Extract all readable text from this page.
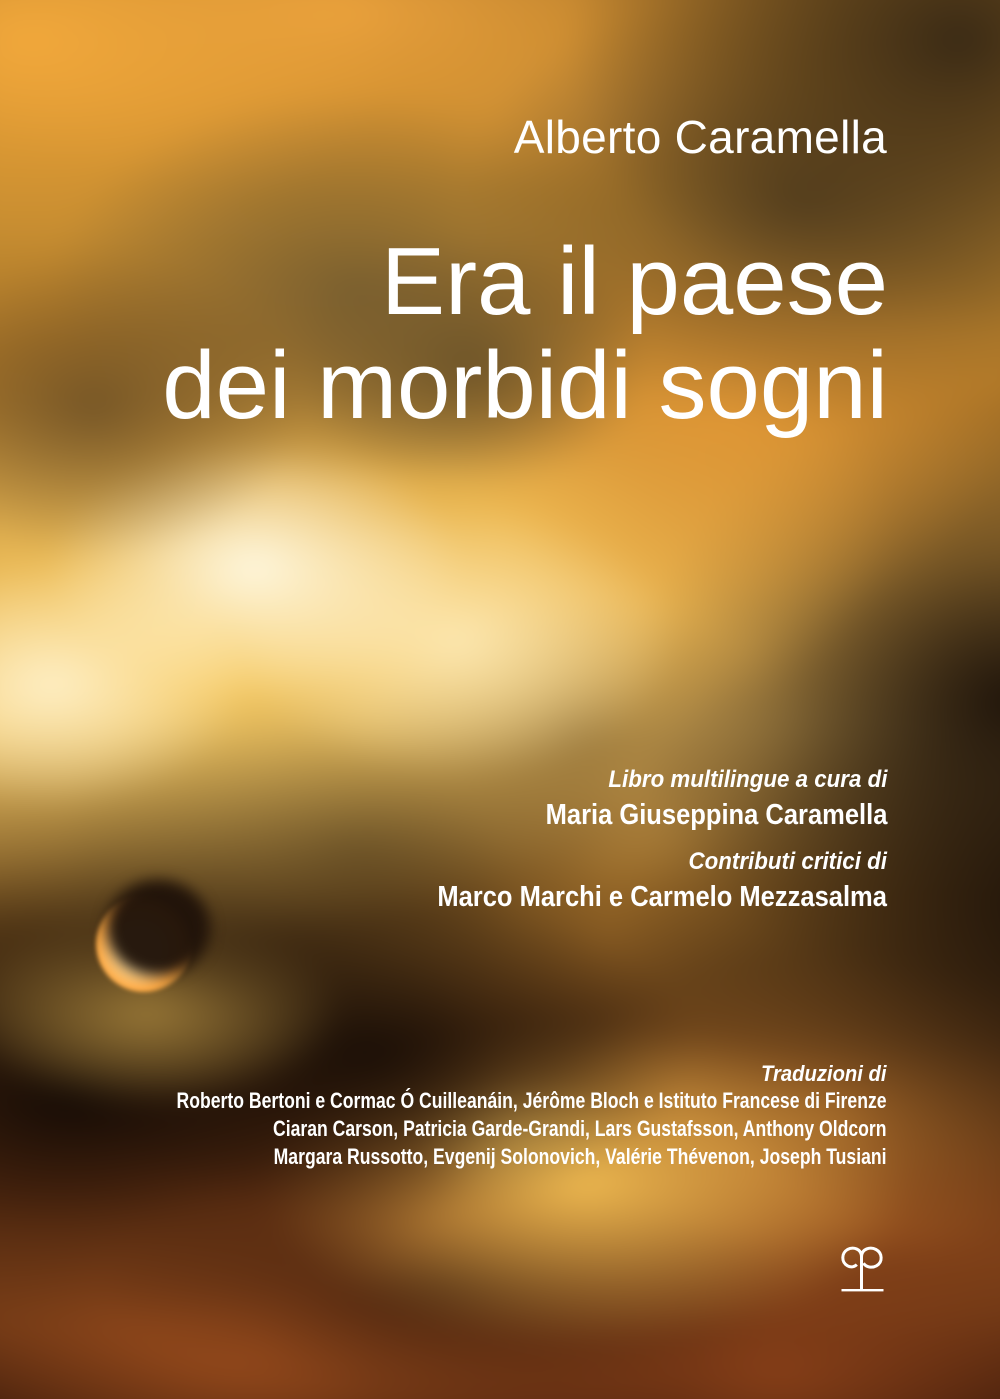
Alberto Caramella
Era il paese
dei morbidi sogni
Libro multilingue a cura di
Maria Giuseppina Caramella
Contributi critici di
Marco Marchi e Carmelo Mezzasalma
Traduzioni di
Roberto Bertoni e Cormac Ó Cuilleanáin, Jérôme Bloch e Istituto Francese di Firenze
Ciaran Carson, Patricia Garde-Grandi, Lars Gustafsson, Anthony Oldcorn
Margara Russotto, Evgenij Solonovich, Valérie Thévenon, Joseph Tusiani
